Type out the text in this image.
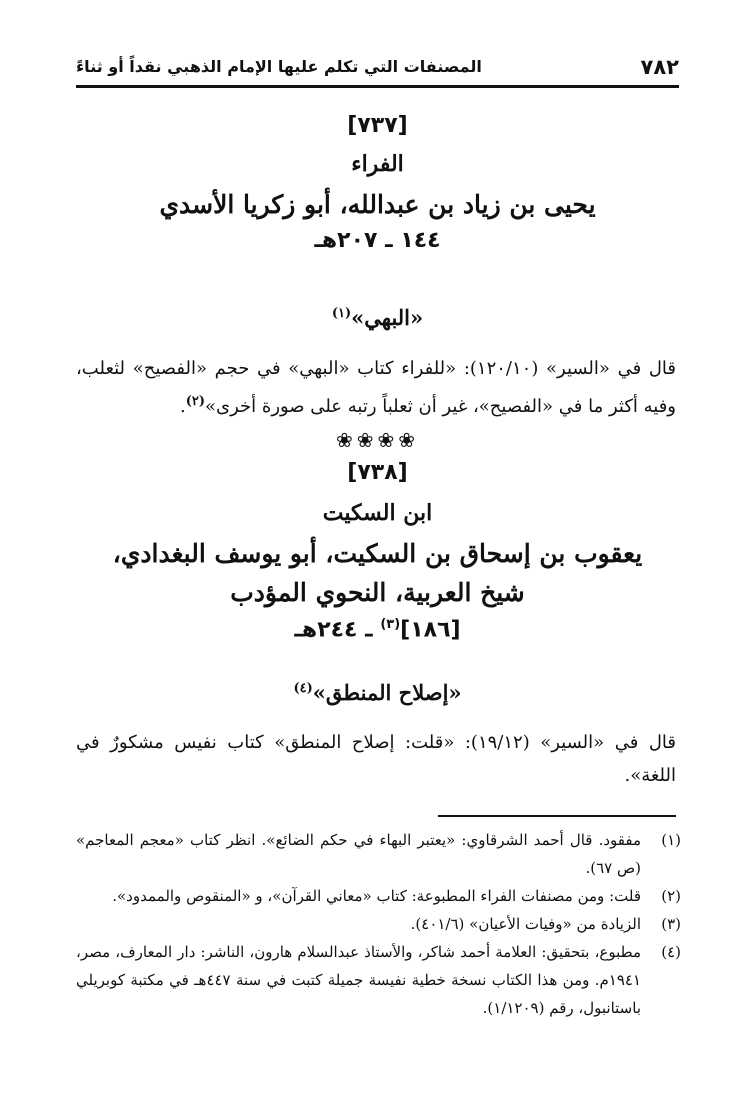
٧٨٢
المصنفات التي تكلم عليها الإمام الذهبي نقداً أو ثناءً
[٧٣٧]
الفراء
يحيى بن زياد بن عبدالله، أبو زكريا الأسدي
١٤٤ ـ ٢٠٧هـ
«البهي»$^{(١)}$
قال في «السير» (١٢٠/١٠): «للفراء كتاب «البهي» في حجم «الفصيح» لثعلب، وفيه أكثر ما في «الفصيح»، غير أن ثعلباً رتبه على صورة أخرى»$^{(٢)}$.
❀❀❀❀
[٧٣٨]
ابن السكيت
يعقوب بن إسحاق بن السكيت، أبو يوسف البغدادي،
شيخ العربية، النحوي المؤدب
[١٨٦]$^{(٣)}$ ـ ٢٤٤هـ
«إصلاح المنطق»$^{(٤)}$
قال في «السير» (١٩/١٢): «قلت: إصلاح المنطق» كتاب نفيس مشكورٌ في اللغة».
(١)
مفقود. قال أحمد الشرقاوي: «يعتبر البهاء في حكم الضائع». انظر كتاب «معجم المعاجم» (ص ٦٧).
(٢)
قلت: ومن مصنفات الفراء المطبوعة: كتاب «معاني القرآن»، و «المنقوص والممدود».
(٣)
الزيادة من «وفيات الأعيان» (٤٠١/٦).
(٤)
مطبوع، بتحقيق: العلامة أحمد شاكر، والأستاذ عبدالسلام هارون، الناشر: دار المعارف، مصر، ١٩٤١م. ومن هذا الكتاب نسخة خطية نفيسة جميلة كتبت في سنة ٤٤٧هـ في مكتبة كوبريلي باستانبول، رقم (١/١٢٠٩).
